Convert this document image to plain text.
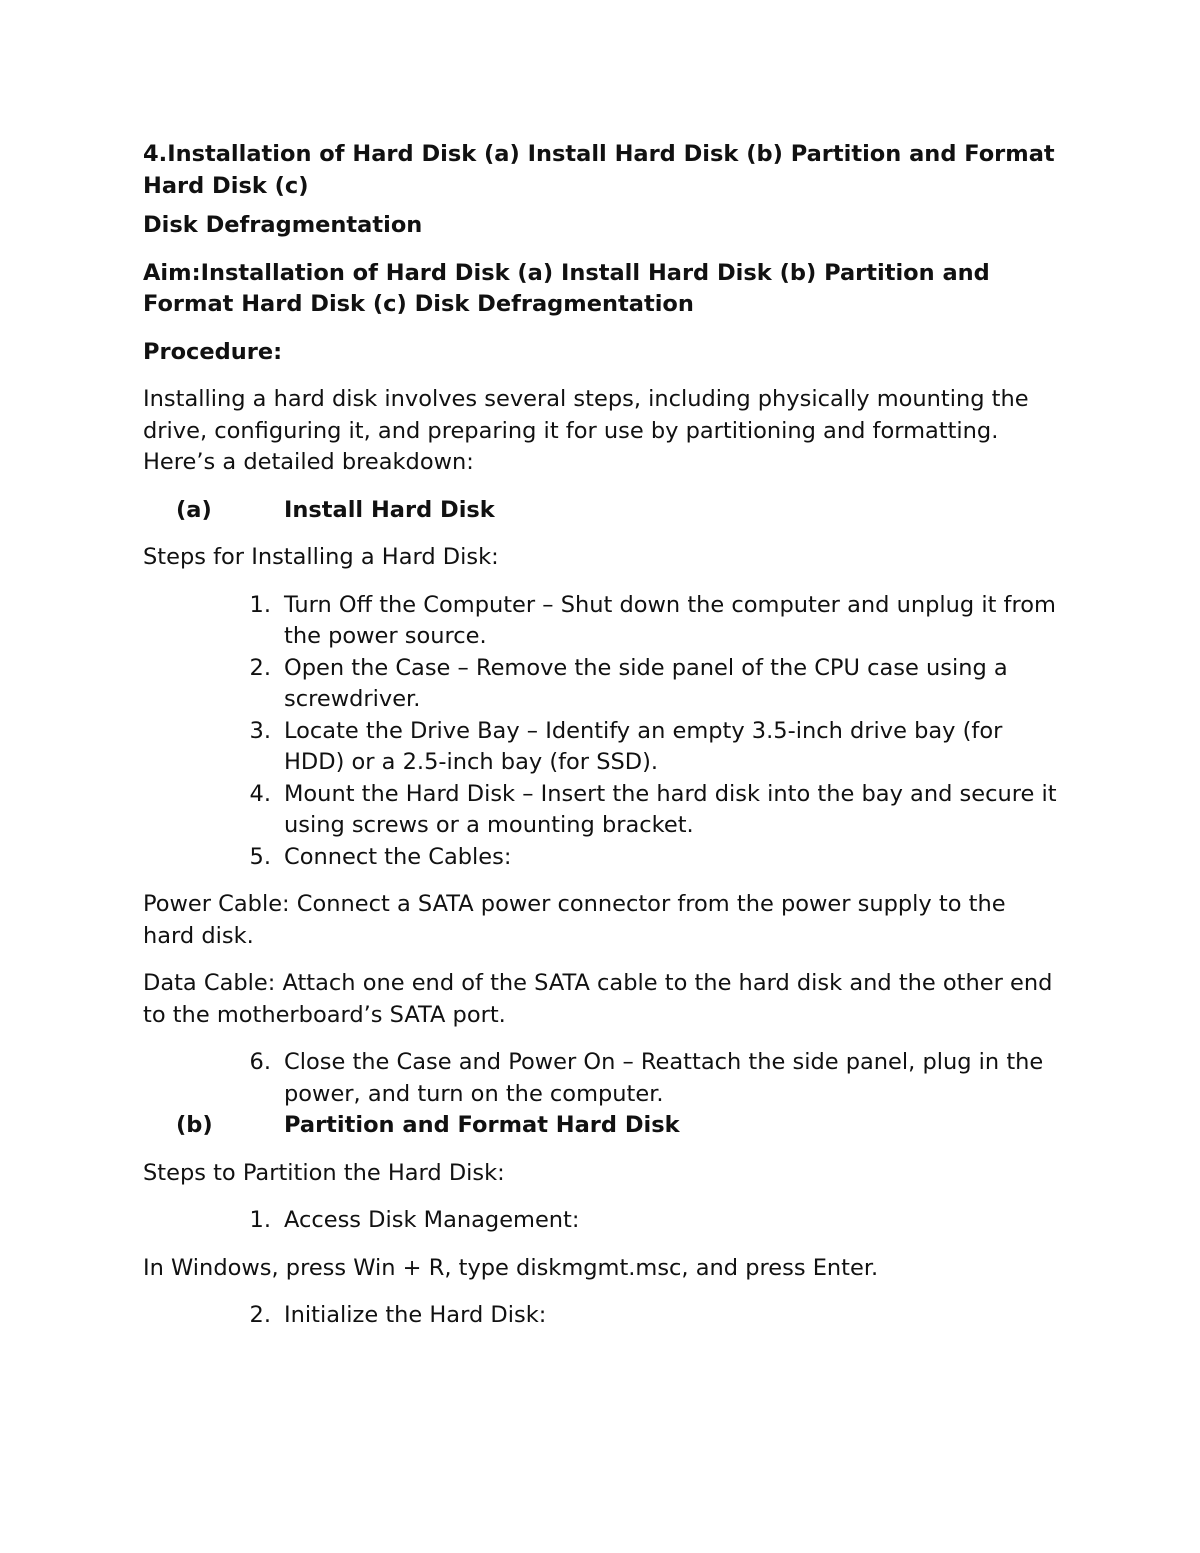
4.Installation of Hard Disk (a) Install Hard Disk (b) Partition and Format Hard Disk (c)

Disk Defragmentation

Aim:Installation of Hard Disk (a) Install Hard Disk (b) Partition and Format Hard Disk (c) Disk Defragmentation

Procedure:

Installing a hard disk involves several steps, including physically mounting the drive, configuring it, and preparing it for use by partitioning and formatting. Here’s a detailed breakdown:

(a)	Install Hard Disk

Steps for Installing a Hard Disk:

1. Turn Off the Computer – Shut down the computer and unplug it from the power source.
2. Open the Case – Remove the side panel of the CPU case using a screwdriver.
3. Locate the Drive Bay – Identify an empty 3.5-inch drive bay (for HDD) or a 2.5-inch bay (for SSD).
4. Mount the Hard Disk – Insert the hard disk into the bay and secure it using screws or a mounting bracket.
5. Connect the Cables:

Power Cable: Connect a SATA power connector from the power supply to the hard disk.

Data Cable: Attach one end of the SATA cable to the hard disk and the other end to the motherboard’s SATA port.

6. Close the Case and Power On – Reattach the side panel, plug in the power, and turn on the computer.
(b)	Partition and Format Hard Disk

Steps to Partition the Hard Disk:

1. Access Disk Management:

In Windows, press Win + R, type diskmgmt.msc, and press Enter.

2. Initialize the Hard Disk:
